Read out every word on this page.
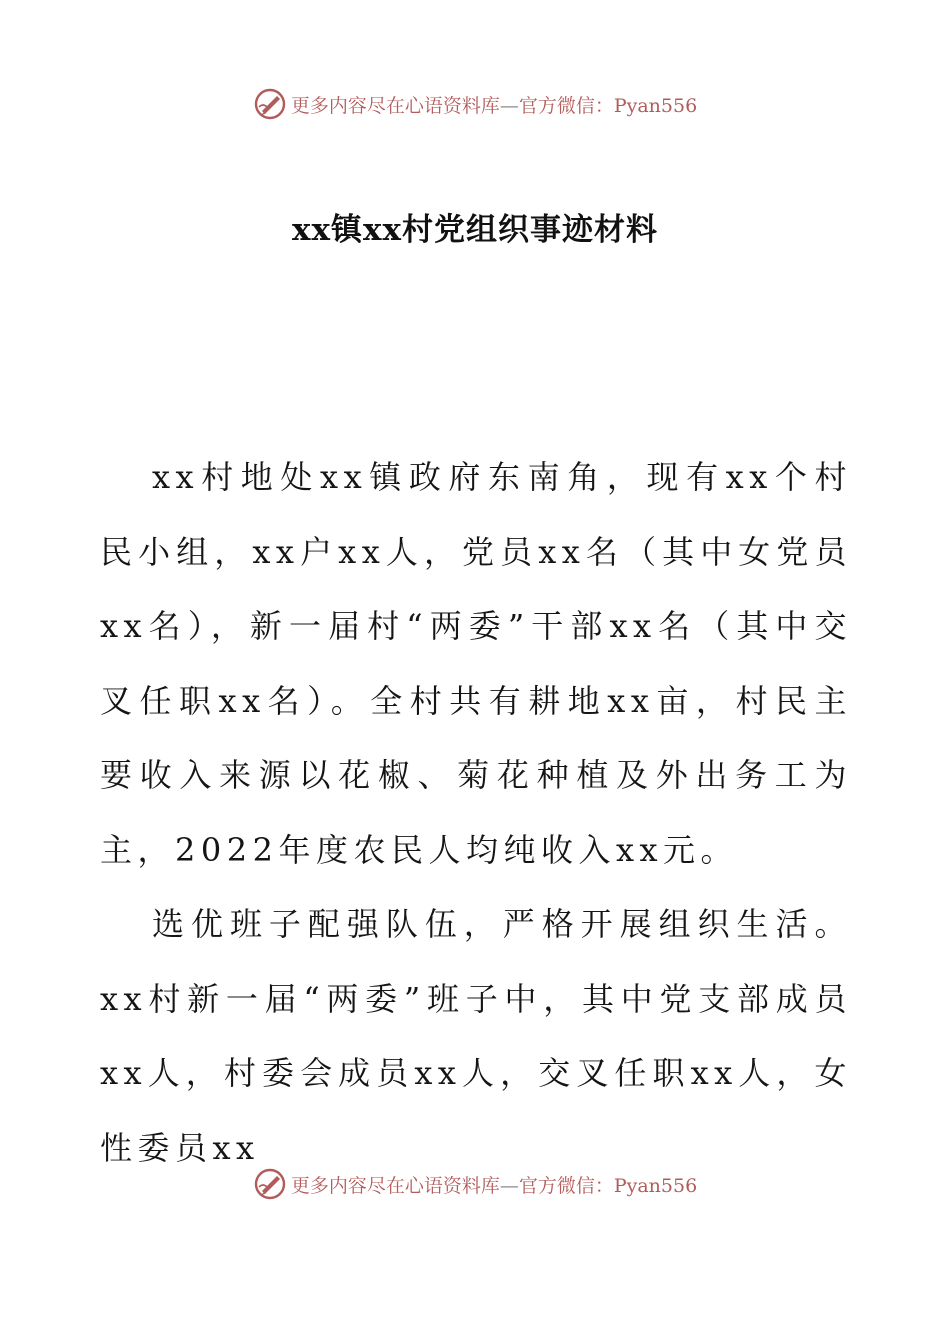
更多内容尽在心语资料库—官方微信：Pyan556
xx镇xx村党组织事迹材料

xx村地处xx镇政府东南角，现有xx个村民小组，xx户xx人，党员xx名（其中女党员xx名），新一届村“两委”干部xx名（其中交叉任职xx名）。全村共有耕地xx亩，村民主要收入来源以花椒、菊花种植及外出务工为主，2022年度农民人均纯收入xx元。

选优班子配强队伍，严格开展组织生活。xx村新一届“两委”班子中，其中党支部成员xx人，村委会成员xx人，交叉任职xx人，女性委员xx

更多内容尽在心语资料库—官方微信：Pyan556
